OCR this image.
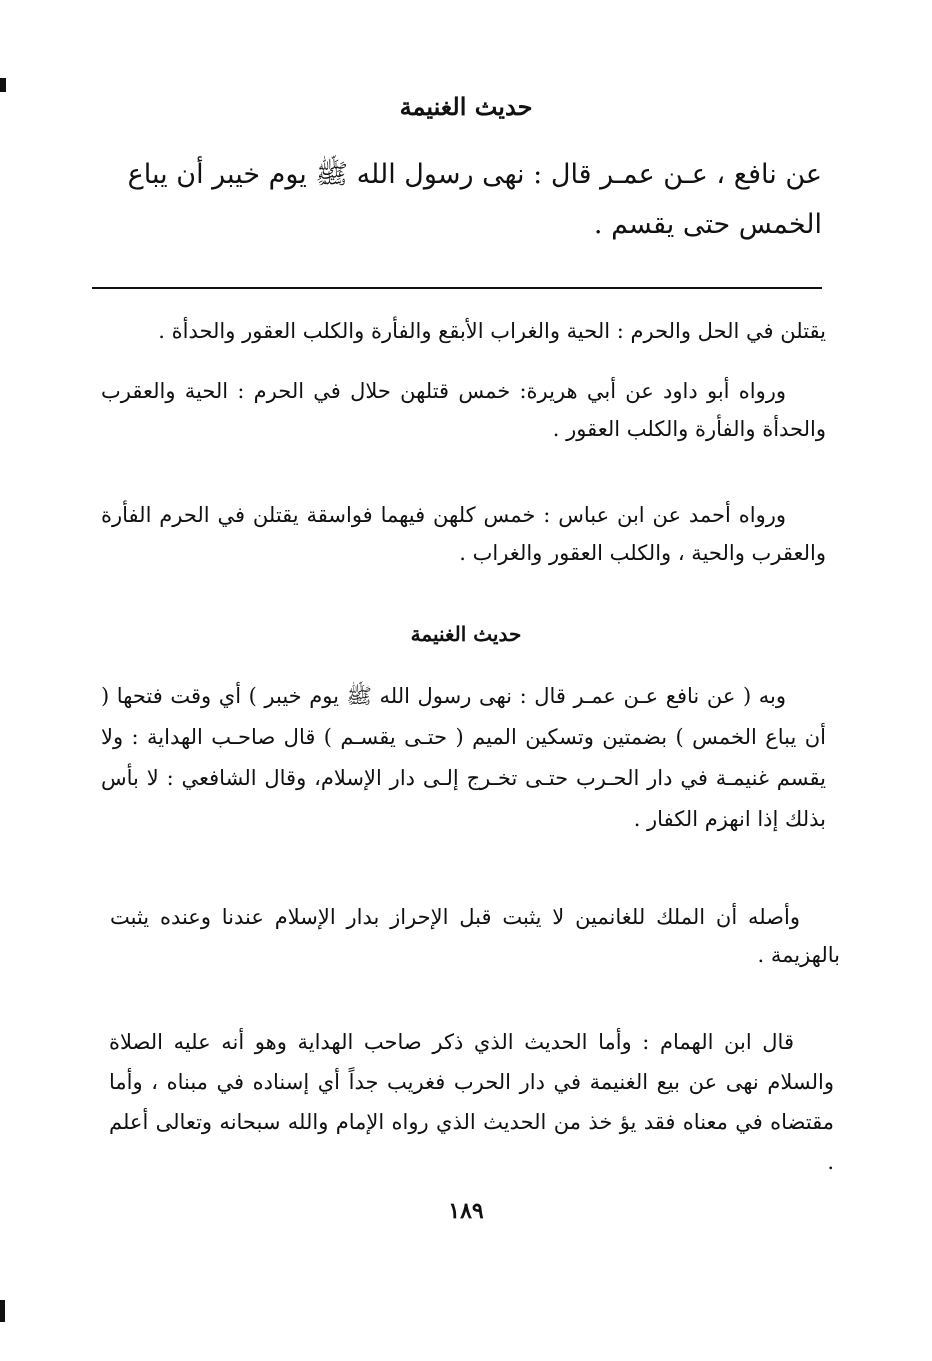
حديث الغنيمة

عن نافع ، عـن عمـر قال : نهى رسول الله ﷺ يوم خيبر أن يباع الخمس حتى يقسم .

يقتلن في الحل والحرم : الحية والغراب الأبقع والفأرة والكلب العقور والحدأة .

ورواه أبو داود عن أبي هريرة: خمس قتلهن حلال في الحرم : الحية والعقرب والحدأة والفأرة والكلب العقور .

ورواه أحمد عن ابن عباس : خمس كلهن فيهما فواسقة يقتلن في الحرم الفأرة والعقرب والحية ، والكلب العقور والغراب .

حديث الغنيمة

وبه ( عن نافع عـن عمـر قال : نهى رسول الله ﷺ يوم خيبر ) أي وقت فتحها ( أن يباع الخمس ) بضمتين وتسكين الميم ( حتـى يقسـم ) قال صاحـب الهداية : ولا يقسم غنيمـة في دار الحـرب حتـى تخـرج إلـى دار الإسلام، وقال الشافعي : لا بأس بذلك إذا انهزم الكفار .

وأصله أن الملك للغانمين لا يثبت قبل الإحراز بدار الإسلام عندنا وعنده يثبت بالهزيمة .

قال ابن الهمام : وأما الحديث الذي ذكر صاحب الهداية وهو أنه عليه الصلاة والسلام نهى عن بيع الغنيمة في دار الحرب فغريب جداً أي إسناده في مبناه ، وأما مقتضاه في معناه فقد يؤ خذ من الحديث الذي رواه الإمام والله سبحانه وتعالى أعلم .

١٨٩
